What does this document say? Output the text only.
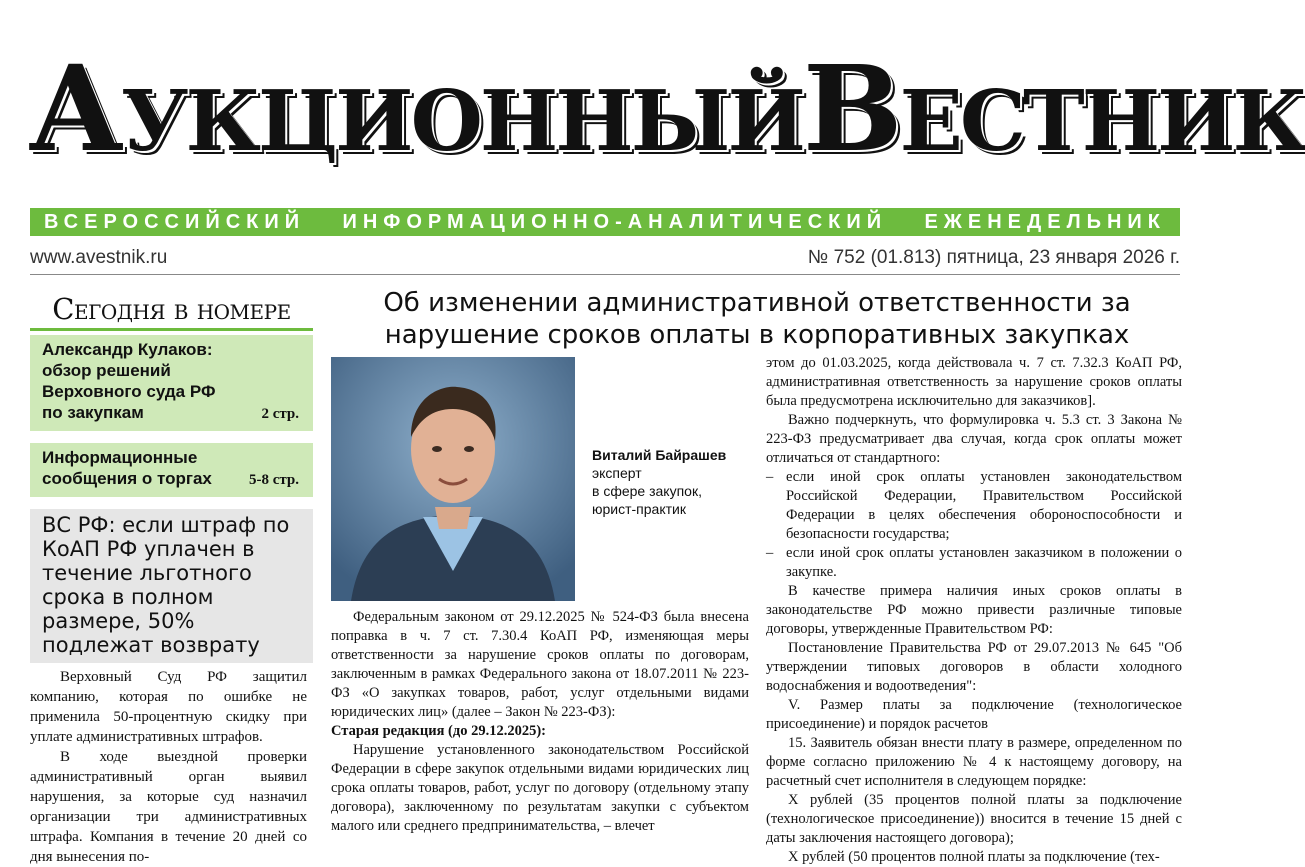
Аукционный Вестник
ВСЕРОССИЙСКИЙ ИНФОРМАЦИОННО-АНАЛИТИЧЕСКИЙ ЕЖЕНЕДЕЛЬНИК
www.avestnik.ru	№ 752 (01.813) пятница, 23 января 2026 г.
Сегодня в номере
Александр Кулаков:
обзор решений
Верховного суда РФ
по закупкам	2 стр.
Информационные
сообщения о торгах	5-8 стр.
ВС РФ: если штраф по КоАП РФ уплачен в течение льготного срока в полном размере, 50% подлежат возврату

Верховный Суд РФ защитил компанию, которая по ошибке не применила 50-процентную скидку при уплате административных штрафов.

В ходе выездной проверки административный орган выявил нарушения, за которые суд назначил организации три административных штрафа. Компания в течение 20 дней со дня вынесения по-

Об изменении административной ответственности за нарушение сроков оплаты в корпоративных закупках
Виталий Байрашев
эксперт
в сфере закупок,
юрист-практик

Федеральным законом от 29.12.2025 № 524-ФЗ была внесена поправка в ч. 7 ст. 7.30.4 КоАП РФ, изменяющая меры ответственности за нарушение сроков оплаты по договорам, заключенным в рамках Федерального закона от 18.07.2011 № 223-ФЗ «О закупках товаров, работ, услуг отдельными видами юридических лиц» (далее – Закон № 223-ФЗ):

Старая редакция (до 29.12.2025):

Нарушение установленного законодательством Российской Федерации в сфере закупок отдельными видами юридических лиц срока оплаты товаров, работ, услуг по договору (отдельному этапу договора), заключенному по результатам закупки с субъектом малого или среднего предпринимательства, – влечет

этом до 01.03.2025, когда действовала ч. 7 ст. 7.32.3 КоАП РФ, административная ответственность за нарушение сроков оплаты была предусмотрена исключительно для заказчиков].

Важно подчеркнуть, что формулировка ч. 5.3 ст. 3 Закона № 223-ФЗ предусматривает два случая, когда срок оплаты может отличаться от стандартного:

– если иной срок оплаты установлен законодательством Российской Федерации, Правительством Российской Федерации в целях обеспечения обороноспособности и безопасности государства;

– если иной срок оплаты установлен заказчиком в положении о закупке.

В качестве примера наличия иных сроков оплаты в законодательстве РФ можно привести различные типовые договоры, утвержденные Правительством РФ:

Постановление Правительства РФ от 29.07.2013 № 645 "Об утверждении типовых договоров в области холодного водоснабжения и водоотведения":

V. Размер платы за подключение (технологическое присоединение) и порядок расчетов

15. Заявитель обязан внести плату в размере, определенном по форме согласно приложению № 4 к настоящему договору, на расчетный счет исполнителя в следующем порядке:

Х рублей (35 процентов полной платы за подключение (технологическое присоединение)) вносится в течение 15 дней с даты заключения настоящего договора);

Х рублей (50 процентов полной платы за подключение (тех-
